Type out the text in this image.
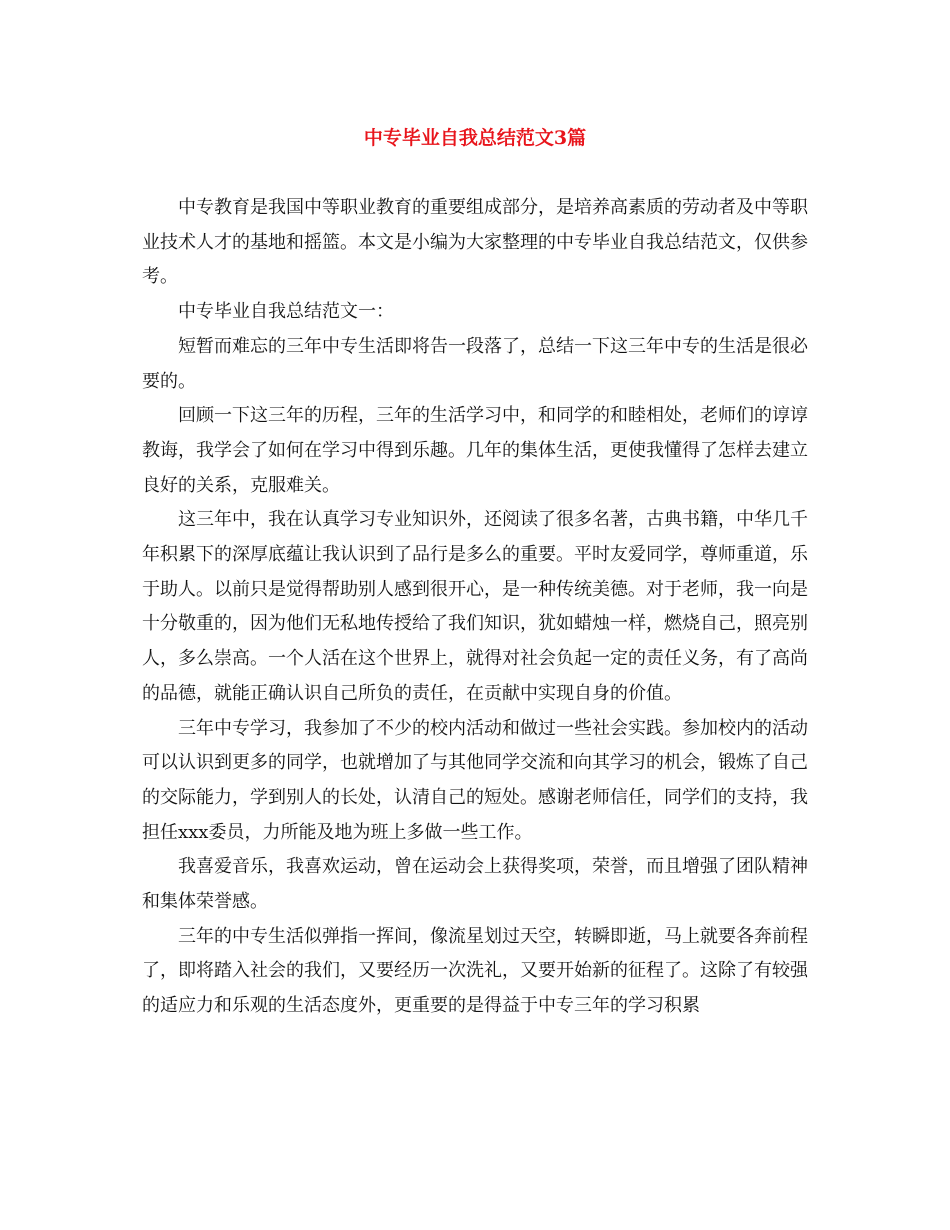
中专毕业自我总结范文3篇

中专教育是我国中等职业教育的重要组成部分，是培养高素质的劳动者及中等职业技术人才的基地和摇篮。本文是小编为大家整理的中专毕业自我总结范文，仅供参考。

中专毕业自我总结范文一：

短暂而难忘的三年中专生活即将告一段落了，总结一下这三年中专的生活是很必要的。

回顾一下这三年的历程，三年的生活学习中，和同学的和睦相处，老师们的谆谆教诲，我学会了如何在学习中得到乐趣。几年的集体生活，更使我懂得了怎样去建立良好的关系，克服难关。

这三年中，我在认真学习专业知识外，还阅读了很多名著，古典书籍，中华几千年积累下的深厚底蕴让我认识到了品行是多么的重要。平时友爱同学，尊师重道，乐于助人。以前只是觉得帮助别人感到很开心，是一种传统美德。对于老师，我一向是十分敬重的，因为他们无私地传授给了我们知识，犹如蜡烛一样，燃烧自己，照亮别人，多么崇高。一个人活在这个世界上，就得对社会负起一定的责任义务，有了高尚的品德，就能正确认识自己所负的责任，在贡献中实现自身的价值。

三年中专学习，我参加了不少的校内活动和做过一些社会实践。参加校内的活动可以认识到更多的同学，也就增加了与其他同学交流和向其学习的机会，锻炼了自己的交际能力，学到别人的长处，认清自己的短处。感谢老师信任，同学们的支持，我担任xxx委员，力所能及地为班上多做一些工作。

我喜爱音乐，我喜欢运动，曾在运动会上获得奖项，荣誉，而且增强了团队精神和集体荣誉感。

三年的中专生活似弹指一挥间，像流星划过天空，转瞬即逝，马上就要各奔前程了，即将踏入社会的我们，又要经历一次洗礼，又要开始新的征程了。这除了有较强的适应力和乐观的生活态度外，更重要的是得益于中专三年的学习积累
